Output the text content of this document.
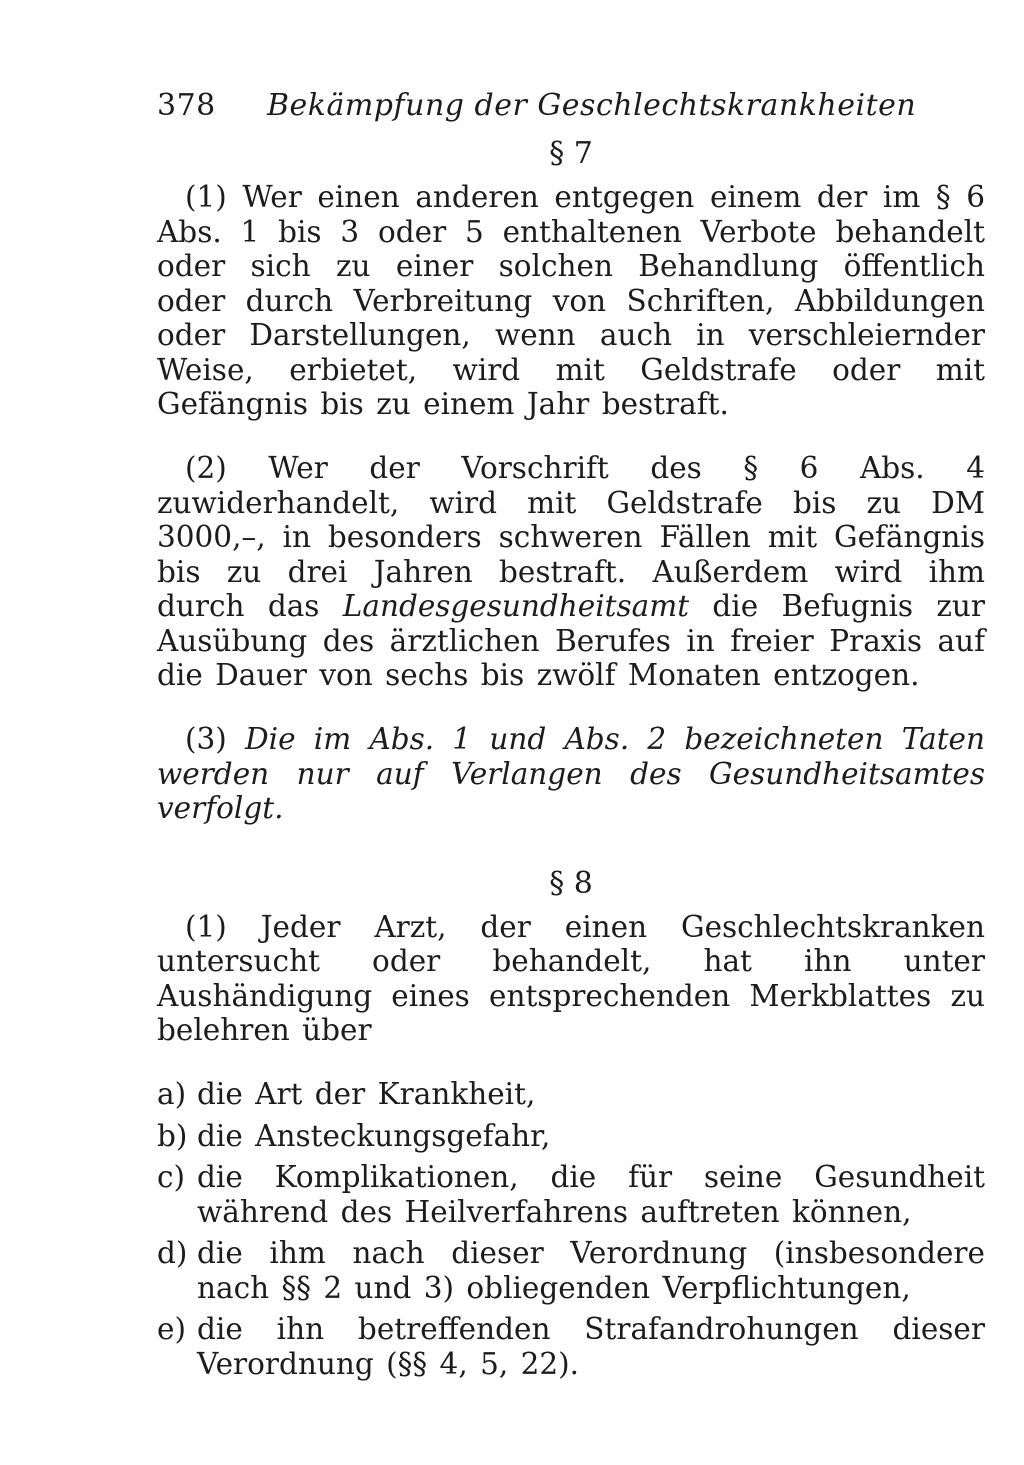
378 Bekämpfung der Geschlechtskrankheiten
§ 7

(1) Wer einen anderen entgegen einem der im § 6 Abs. 1 bis 3 oder 5 enthaltenen Verbote behandelt oder sich zu einer solchen Behandlung öffentlich oder durch Verbreitung von Schriften, Abbildungen oder Darstellungen, wenn auch in verschleiernder Weise, erbietet, wird mit Geldstrafe oder mit Gefängnis bis zu einem Jahr bestraft.

(2) Wer der Vorschrift des § 6 Abs. 4 zuwiderhandelt, wird mit Geldstrafe bis zu DM 3000,–, in besonders schweren Fällen mit Gefängnis bis zu drei Jahren bestraft. Außerdem wird ihm durch das Landesgesundheitsamt die Befugnis zur Ausübung des ärztlichen Berufes in freier Praxis auf die Dauer von sechs bis zwölf Monaten entzogen.

(3) Die im Abs. 1 und Abs. 2 bezeichneten Taten werden nur auf Verlangen des Gesundheitsamtes verfolgt.

§ 8

(1) Jeder Arzt, der einen Geschlechtskranken untersucht oder behandelt, hat ihn unter Aushändigung eines entsprechenden Merkblattes zu belehren über

a) die Art der Krankheit,
b) die Ansteckungsgefahr,
c) die Komplikationen, die für seine Gesundheit während des Heilverfahrens auftreten können,
d) die ihm nach dieser Verordnung (insbesondere nach §§ 2 und 3) obliegenden Verpflichtungen,
e) die ihn betreffenden Strafandrohungen dieser Verordnung (§§ 4, 5, 22).
